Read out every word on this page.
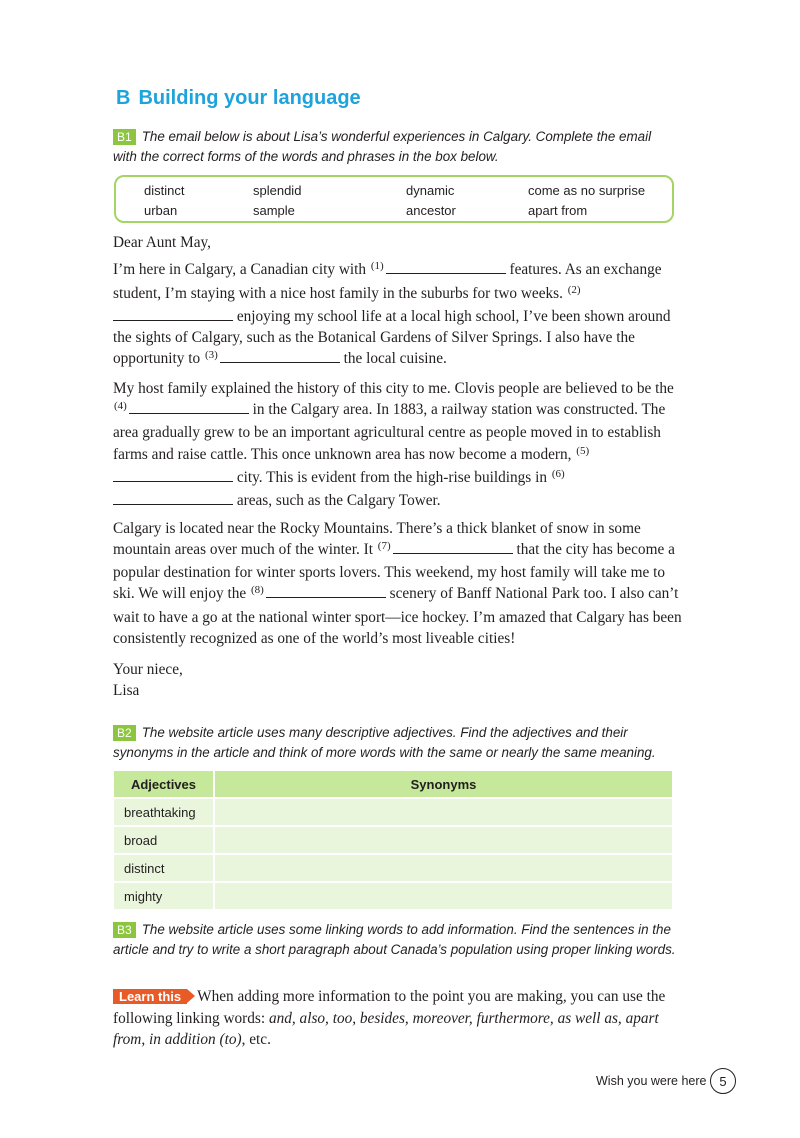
B Building your language
B1 The email below is about Lisa’s wonderful experiences in Calgary. Complete the email with the correct forms of the words and phrases in the box below.
distinct	splendid	dynamic	come as no surprise
urban	sample	ancestor	apart from

Dear Aunt May,

I’m here in Calgary, a Canadian city with $^{(1)}$	features. As an exchange student, I’m staying with a nice host family in the suburbs for two weeks. $^{(2)}$ enjoying my school life at a local high school, I’ve been shown around the sights of Calgary, such as the Botanical Gardens of Silver Springs. I also have the opportunity to $^{(3)}$	the local cuisine.

My host family explained the history of this city to me. Clovis people are believed to be the $^{(4)}$	in the Calgary area. In 1883, a railway station was constructed. The area gradually grew to be an important agricultural centre as people moved in to establish farms and raise cattle. This once unknown area has now become a modern, $^{(5)}$ city. This is evident from the high-rise buildings in $^{(6)}$ areas, such as the Calgary Tower.

Calgary is located near the Rocky Mountains. There’s a thick blanket of snow in some mountain areas over much of the winter. It $^{(7)}$	that the city has become a popular destination for winter sports lovers. This weekend, my host family will take me to ski. We will enjoy the $^{(8)}$	scenery of Banff National Park too. I also can’t wait to have a go at the national winter sport—ice hockey. I’m amazed that Calgary has been consistently recognized as one of the world’s most liveable cities!

Your niece,
Lisa
B2 The website article uses many descriptive adjectives. Find the adjectives and their synonyms in the article and think of more words with the same or nearly the same meaning.
Adjectives	Synonyms
breathtaking	
broad	
distinct	
mighty	
B3 The website article uses some linking words to add information. Find the sentences in the article and try to write a short paragraph about Canada’s population using proper linking words.
Learn this When adding more information to the point you are making, you can use the following linking words: and, also, too, besides, moreover, furthermore, as well as, apart from, in addition (to), etc.
Wish you were here 5
